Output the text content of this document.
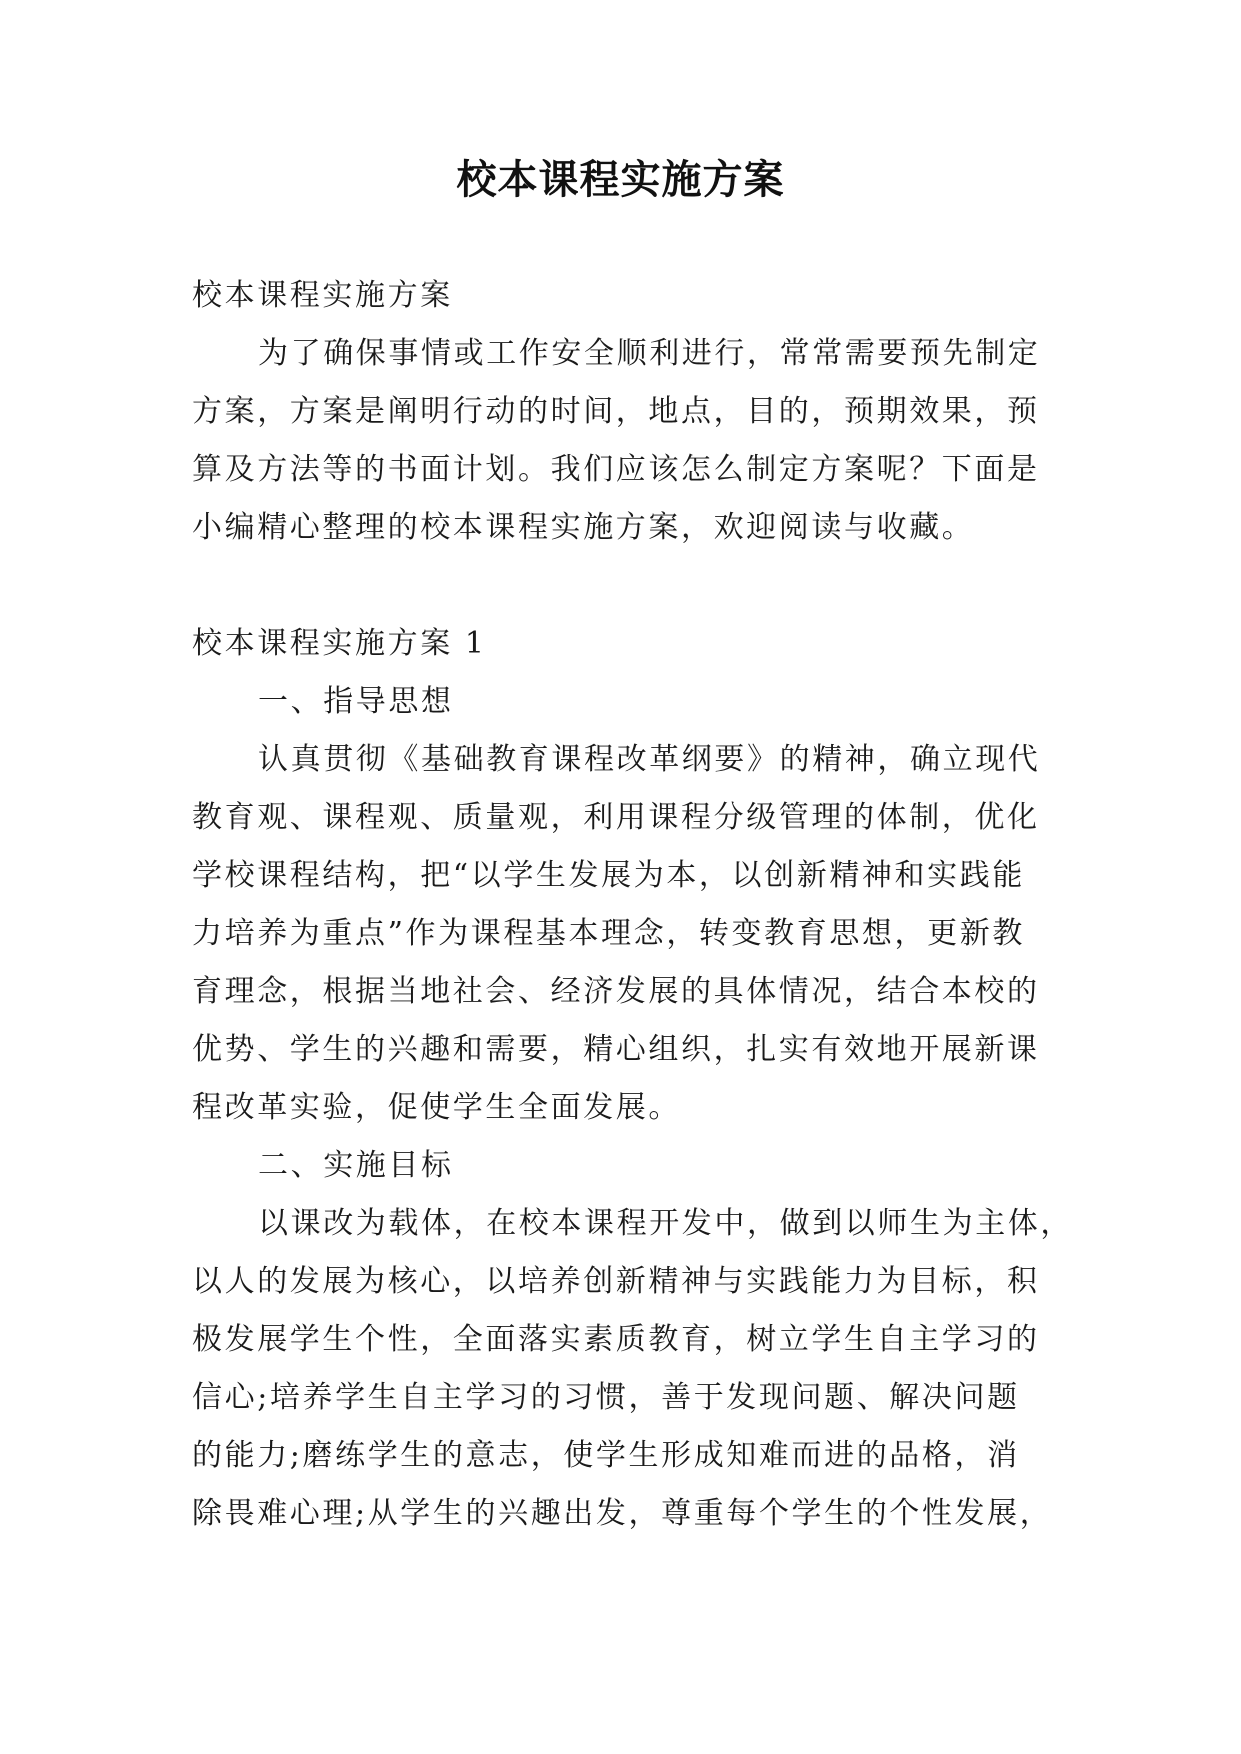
校本课程实施方案

校本课程实施方案

为了确保事情或工作安全顺利进行，常常需要预先制定

方案，方案是阐明行动的时间，地点，目的，预期效果，预

算及方法等的书面计划。我们应该怎么制定方案呢？下面是

小编精心整理的校本课程实施方案，欢迎阅读与收藏。

校本课程实施方案 1

一、指导思想

认真贯彻《基础教育课程改革纲要》的精神，确立现代

教育观、课程观、质量观，利用课程分级管理的体制，优化

学校课程结构，把“以学生发展为本，以创新精神和实践能

力培养为重点”作为课程基本理念，转变教育思想，更新教

育理念，根据当地社会、经济发展的具体情况，结合本校的

优势、学生的兴趣和需要，精心组织，扎实有效地开展新课

程改革实验，促使学生全面发展。

二、实施目标

以课改为载体，在校本课程开发中，做到以师生为主体，

以人的发展为核心，以培养创新精神与实践能力为目标，积

极发展学生个性，全面落实素质教育，树立学生自主学习的

信心;培养学生自主学习的习惯，善于发现问题、解决问题

的能力;磨练学生的意志，使学生形成知难而进的品格，消

除畏难心理;从学生的兴趣出发，尊重每个学生的个性发展，
